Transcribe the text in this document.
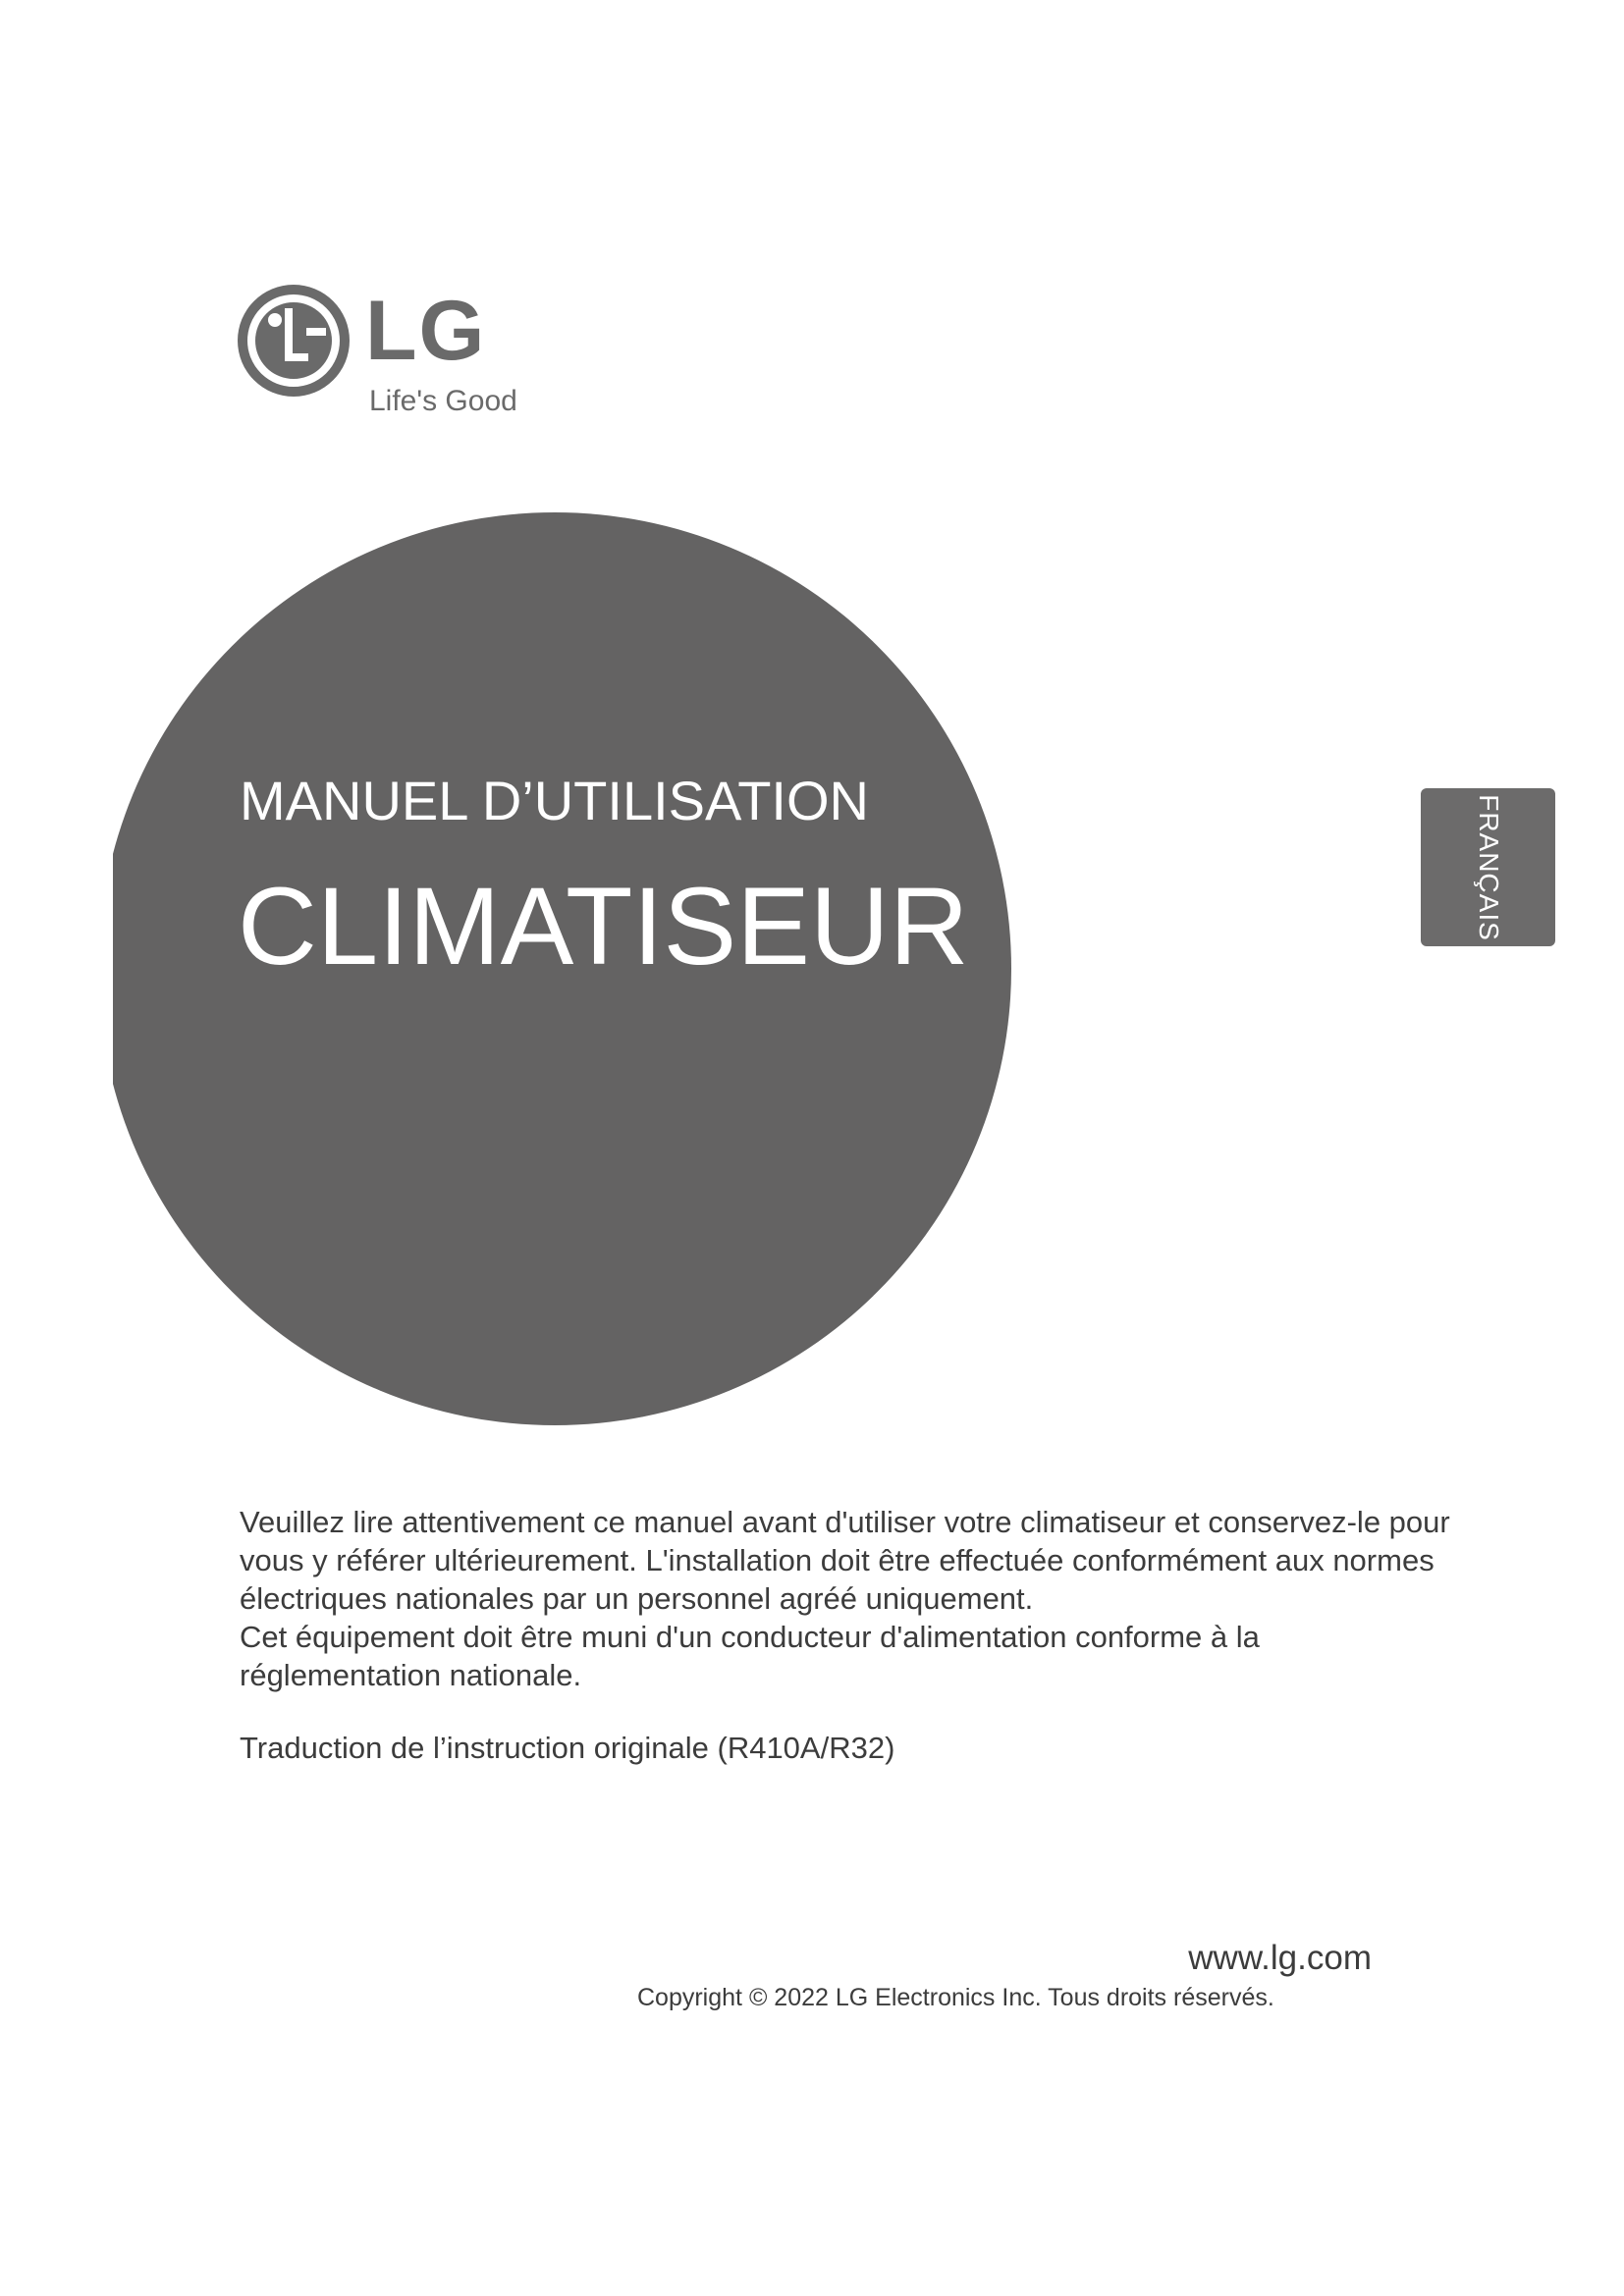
LG
Life's Good
MANUEL D’UTILISATION
CLIMATISEUR	FRANÇAIS

Veuillez lire attentivement ce manuel avant d'utiliser votre climatiseur et conservez-le pour vous y référer ultérieurement. L'installation doit être effectuée conformément aux normes électriques nationales par un personnel agréé uniquement.

Cet équipement doit être muni d'un conducteur d'alimentation conforme à la réglementation nationale.

Traduction de l’instruction originale (R410A/R32)
www.lg.com
Copyright © 2022 LG Electronics Inc. Tous droits réservés.
